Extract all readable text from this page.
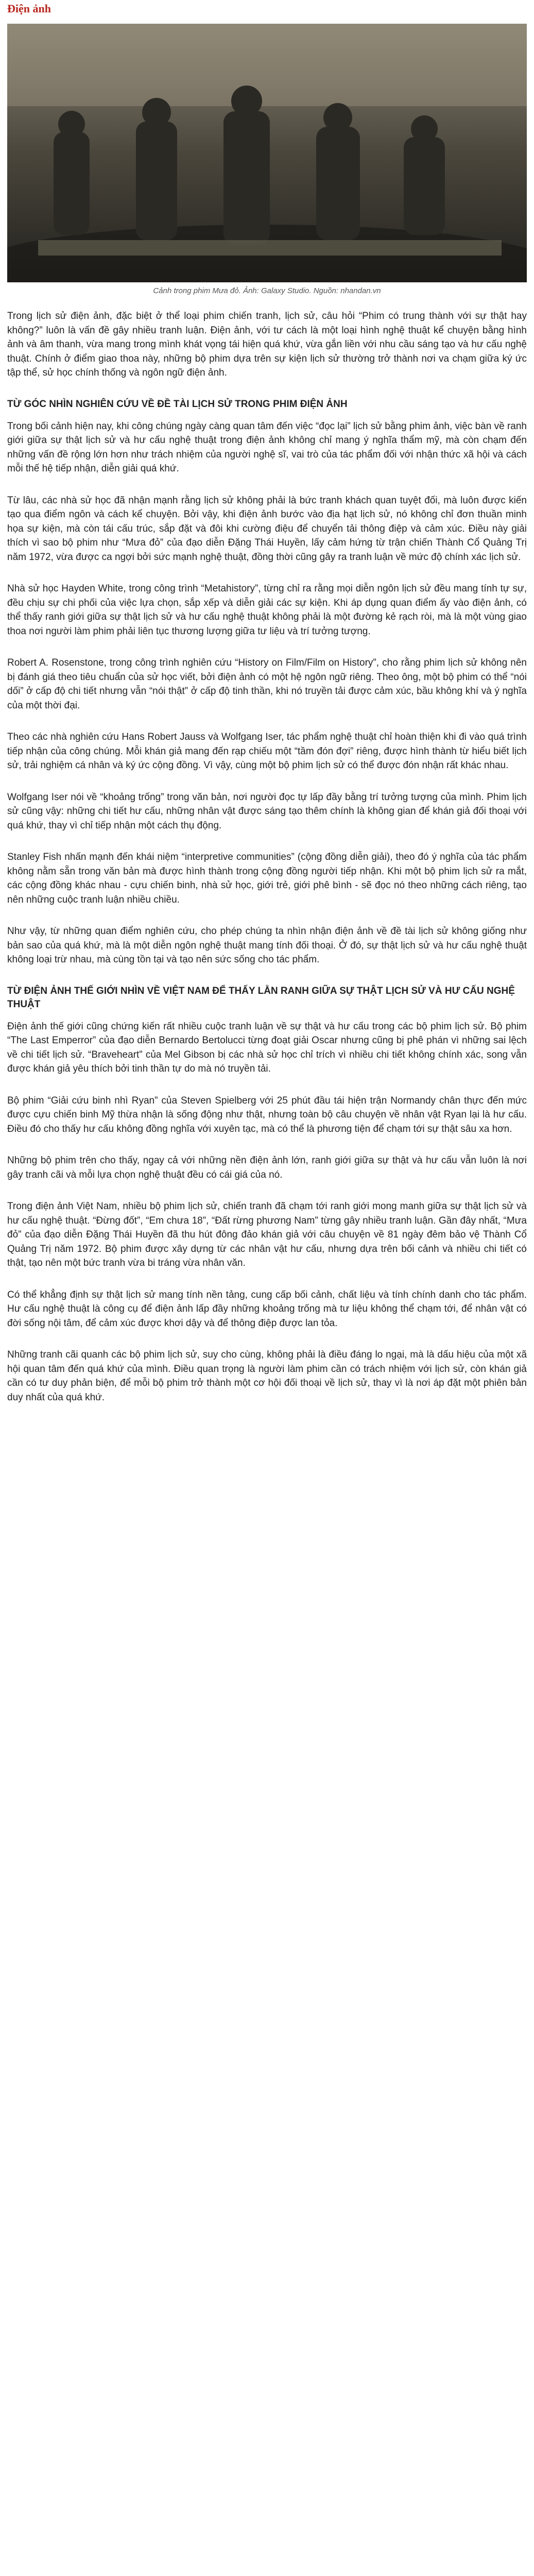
Điện ảnh
Cảnh trong phim Mưa đỏ. Ảnh: Galaxy Studio. Nguồn: nhandan.vn

Trong lịch sử điện ảnh, đặc biệt ở thể loại phim chiến tranh, lịch sử, câu hỏi “Phim có trung thành với sự thật hay không?” luôn là vấn đề gây nhiều tranh luận. Điện ảnh, với tư cách là một loại hình nghệ thuật kể chuyện bằng hình ảnh và âm thanh, vừa mang trong mình khát vọng tái hiện quá khứ, vừa gắn liền với nhu cầu sáng tạo và hư cấu nghệ thuật. Chính ở điểm giao thoa này, những bộ phim dựa trên sự kiện lịch sử thường trở thành nơi va chạm giữa ký ức tập thể, sử học chính thống và ngôn ngữ điện ảnh.

TỪ GÓC NHÌN NGHIÊN CỨU VỀ ĐỀ TÀI LỊCH SỬ TRONG PHIM ĐIỆN ẢNH

Trong bối cảnh hiện nay, khi công chúng ngày càng quan tâm đến việc “đọc lại” lịch sử bằng phim ảnh, việc bàn về ranh giới giữa sự thật lịch sử và hư cấu nghệ thuật trong điện ảnh không chỉ mang ý nghĩa thẩm mỹ, mà còn chạm đến những vấn đề rộng lớn hơn như trách nhiệm của người nghệ sĩ, vai trò của tác phẩm đối với nhận thức xã hội và cách mỗi thế hệ tiếp nhận, diễn giải quá khứ.

Từ lâu, các nhà sử học đã nhận mạnh rằng lịch sử không phải là bức tranh khách quan tuyệt đối, mà luôn được kiến tạo qua điểm ngôn và cách kể chuyện. Bởi vậy, khi điện ảnh bước vào địa hạt lịch sử, nó không chỉ đơn thuần minh họa sự kiện, mà còn tái cấu trúc, sắp đặt và đôi khi cường điệu để chuyển tải thông điệp và cảm xúc. Điều này giải thích vì sao bộ phim như “Mưa đỏ” của đạo diễn Đặng Thái Huyền, lấy cảm hứng từ trận chiến Thành Cổ Quảng Trị năm 1972, vừa được ca ngợi bởi sức mạnh nghệ thuật, đồng thời cũng gây ra tranh luận về mức độ chính xác lịch sử.

Nhà sử học Hayden White, trong công trình “Metahistory”, từng chỉ ra rằng mọi diễn ngôn lịch sử đều mang tính tự sự, đều chịu sự chi phối của việc lựa chọn, sắp xếp và diễn giải các sự kiện. Khi áp dụng quan điểm ấy vào điện ảnh, có thể thấy ranh giới giữa sự thật lịch sử và hư cấu nghệ thuật không phải là một đường kẻ rạch ròi, mà là một vùng giao thoa nơi người làm phim phải liên tục thương lượng giữa tư liệu và trí tưởng tượng.

Robert A. Rosenstone, trong công trình nghiên cứu “History on Film/Film on History”, cho rằng phim lịch sử không nên bị đánh giá theo tiêu chuẩn của sử học viết, bởi điện ảnh có một hệ ngôn ngữ riêng. Theo ông, một bộ phim có thể “nói dối” ở cấp độ chi tiết nhưng vẫn “nói thật” ở cấp độ tinh thần, khi nó truyền tải được cảm xúc, bầu không khí và ý nghĩa của một thời đại.

Theo các nhà nghiên cứu Hans Robert Jauss và Wolfgang Iser, tác phẩm nghệ thuật chỉ hoàn thiện khi đi vào quá trình tiếp nhận của công chúng. Mỗi khán giả mang đến rạp chiếu một “tầm đón đợi” riêng, được hình thành từ hiểu biết lịch sử, trải nghiệm cá nhân và ký ức cộng đồng. Vì vậy, cùng một bộ phim lịch sử có thể được đón nhận rất khác nhau.

Wolfgang Iser nói về “khoảng trống” trong văn bản, nơi người đọc tự lấp đầy bằng trí tưởng tượng của mình. Phim lịch sử cũng vậy: những chi tiết hư cấu, những nhân vật được sáng tạo thêm chính là không gian để khán giả đối thoại với quá khứ, thay vì chỉ tiếp nhận một cách thụ động.

Stanley Fish nhấn mạnh đến khái niệm “interpretive communities” (cộng đồng diễn giải), theo đó ý nghĩa của tác phẩm không nằm sẵn trong văn bản mà được hình thành trong cộng đồng người tiếp nhận. Khi một bộ phim lịch sử ra mắt, các cộng đồng khác nhau - cựu chiến binh, nhà sử học, giới trẻ, giới phê bình - sẽ đọc nó theo những cách riêng, tạo nên những cuộc tranh luận nhiều chiều.

Như vậy, từ những quan điểm nghiên cứu, cho phép chúng ta nhìn nhận điện ảnh về đề tài lịch sử không giống như bản sao của quá khứ, mà là một diễn ngôn nghệ thuật mang tính đối thoại. Ở đó, sự thật lịch sử và hư cấu nghệ thuật không loại trừ nhau, mà cùng tồn tại và tạo nên sức sống cho tác phẩm.

TỪ ĐIỆN ẢNH THẾ GIỚI NHÌN VỀ VIỆT NAM ĐỂ THẤY LẰN RANH GIỮA SỰ THẬT LỊCH SỬ VÀ HƯ CẤU NGHỆ THUẬT

Điện ảnh thế giới cũng chứng kiến rất nhiều cuộc tranh luận về sự thật và hư cấu trong các bộ phim lịch sử. Bộ phim “The Last Emperror” của đạo diễn Bernardo Bertolucci từng đoạt giải Oscar nhưng cũng bị phê phán vì những sai lệch về chi tiết lịch sử. “Braveheart” của Mel Gibson bị các nhà sử học chỉ trích vì nhiều chi tiết không chính xác, song vẫn được khán giả yêu thích bởi tinh thần tự do mà nó truyền tải.

Bộ phim “Giải cứu binh nhì Ryan” của Steven Spielberg với 25 phút đầu tái hiện trận Normandy chân thực đến mức được cựu chiến binh Mỹ thừa nhận là sống động như thật, nhưng toàn bộ câu chuyện về nhân vật Ryan lại là hư cấu. Điều đó cho thấy hư cấu không đồng nghĩa với xuyên tạc, mà có thể là phương tiện để chạm tới sự thật sâu xa hơn.

Những bộ phim trên cho thấy, ngay cả với những nền điện ảnh lớn, ranh giới giữa sự thật và hư cấu vẫn luôn là nơi gây tranh cãi và mỗi lựa chọn nghệ thuật đều có cái giá của nó.

Trong điện ảnh Việt Nam, nhiều bộ phim lịch sử, chiến tranh đã chạm tới ranh giới mong manh giữa sự thật lịch sử và hư cấu nghệ thuật. “Đừng đốt”, “Em chưa 18”, “Đất rừng phương Nam” từng gây nhiều tranh luận. Gần đây nhất, “Mưa đỏ” của đạo diễn Đặng Thái Huyền đã thu hút đông đảo khán giả với câu chuyện về 81 ngày đêm bảo vệ Thành Cổ Quảng Trị năm 1972. Bộ phim được xây dựng từ các nhân vật hư cấu, nhưng dựa trên bối cảnh và nhiều chi tiết có thật, tạo nên một bức tranh vừa bi tráng vừa nhân văn.

Có thể khẳng định sự thật lịch sử mang tính nền tảng, cung cấp bối cảnh, chất liệu và tính chính danh cho tác phẩm. Hư cấu nghệ thuật là công cụ để điện ảnh lấp đầy những khoảng trống mà tư liệu không thể chạm tới, để nhân vật có đời sống nội tâm, để cảm xúc được khơi dậy và để thông điệp được lan tỏa.

Những tranh cãi quanh các bộ phim lịch sử, suy cho cùng, không phải là điều đáng lo ngại, mà là dấu hiệu của một xã hội quan tâm đến quá khứ của mình. Điều quan trọng là người làm phim cần có trách nhiệm với lịch sử, còn khán giả cần có tư duy phản biện, để mỗi bộ phim trở thành một cơ hội đối thoại về lịch sử, thay vì là nơi áp đặt một phiên bản duy nhất của quá khứ.
